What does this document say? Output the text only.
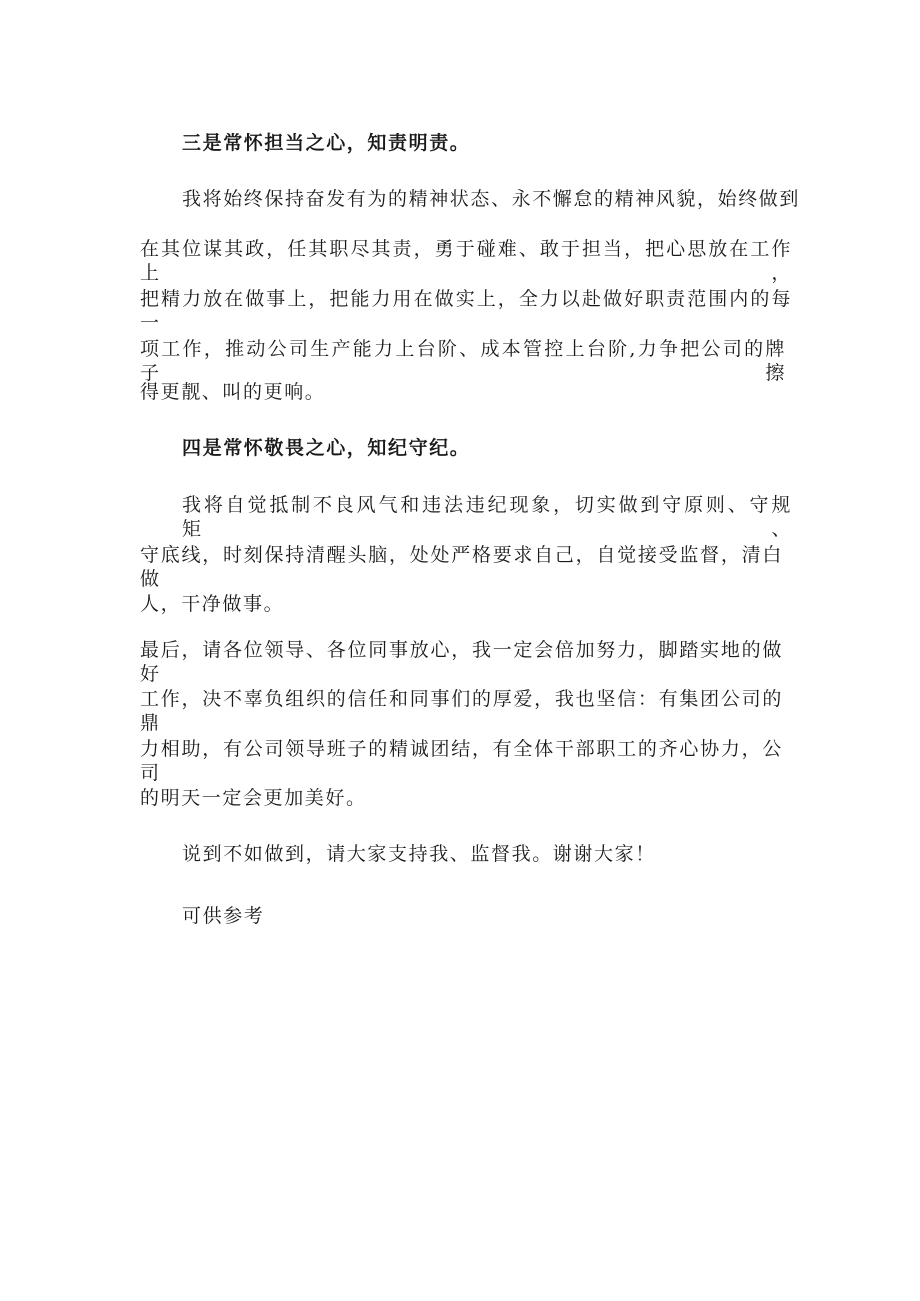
三是常怀担当之心，知责明责。
我将始终保持奋发有为的精神状态、永不懈怠的精神风貌，始终做到
在其位谋其政，任其职尽其责，勇于碰难、敢于担当，把心思放在工作上，
把精力放在做事上，把能力用在做实上，全力以赴做好职责范围内的每一
项工作，推动公司生产能力上台阶、成本管控上台阶,力争把公司的牌子擦
得更靓、叫的更响。
四是常怀敬畏之心，知纪守纪。
我将自觉抵制不良风气和违法违纪现象，切实做到守原则、守规矩、
守底线，时刻保持清醒头脑，处处严格要求自己，自觉接受监督，清白做
人，干净做事。
最后，请各位领导、各位同事放心，我一定会倍加努力，脚踏实地的做好
工作，决不辜负组织的信任和同事们的厚爱，我也坚信：有集团公司的鼎
力相助，有公司领导班子的精诚团结，有全体干部职工的齐心协力，公司
的明天一定会更加美好。
说到不如做到，请大家支持我、监督我。谢谢大家！
可供参考
